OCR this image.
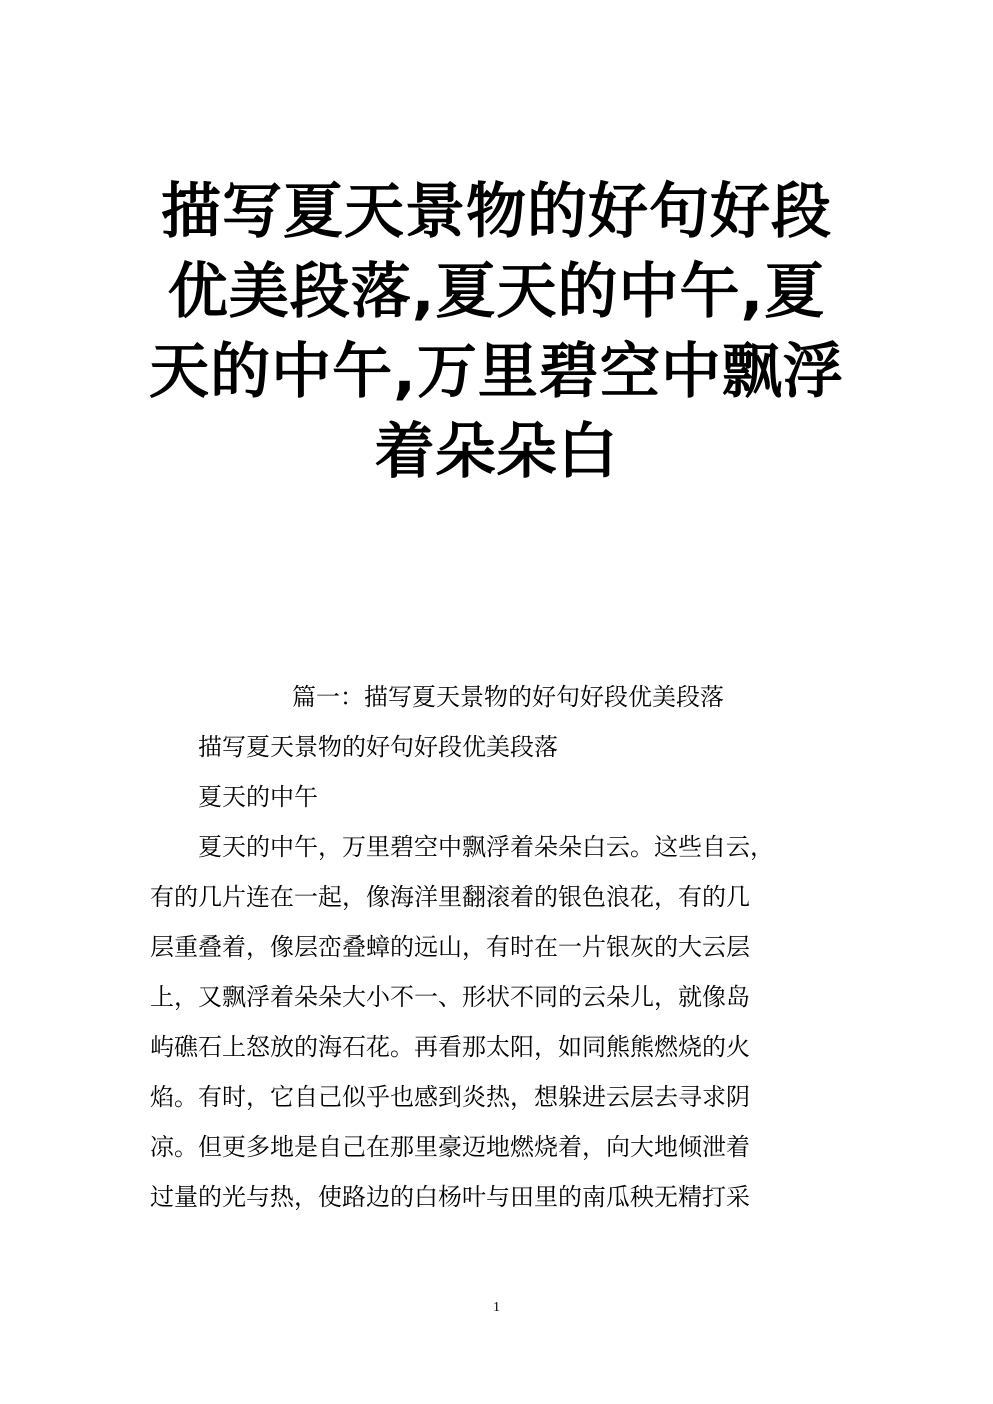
描写夏天景物的好句好段
优美段落,夏天的中午,夏
天的中午,万里碧空中飘浮
着朵朵白
篇一：描写夏天景物的好句好段优美段落
描写夏天景物的好句好段优美段落
夏天的中午
夏天的中午，万里碧空中飘浮着朵朵白云。这些自云，
有的几片连在一起，像海洋里翻滚着的银色浪花，有的几
层重叠着，像层峦叠蟑的远山，有时在一片银灰的大云层
上，又飘浮着朵朵大小不一、形状不同的云朵儿，就像岛
屿礁石上怒放的海石花。再看那太阳，如同熊熊燃烧的火
焰。有时，它自己似乎也感到炎热，想躲进云层去寻求阴
凉。但更多地是自己在那里豪迈地燃烧着，向大地倾泄着
过量的光与热，使路边的白杨叶与田里的南瓜秧无精打采
1
